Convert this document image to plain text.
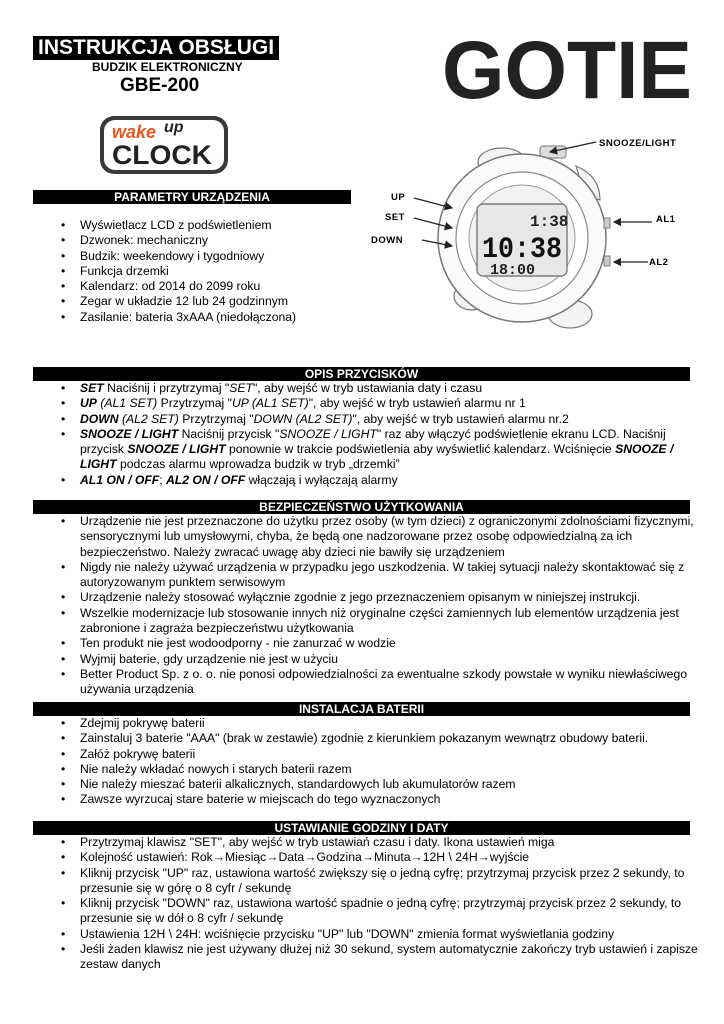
INSTRUKCJA OBSŁUGI
BUDZIK ELEKTRONICZNY
GBE-200	GOTIE
wake up
CLOCK
1:38
10:38
18:00
SNOOZE/LIGHT
UP
SET
DOWN
AL1
AL2
PARAMETRY URZĄDZENIA
• Wyświetlacz LCD z podświetleniem
• Dzwonek: mechaniczny
• Budzik: weekendowy i tygodniowy
• Funkcja drzemki
• Kalendarz: od 2014 do 2099 roku
• Zegar w układzie 12 lub 24 godzinnym
• Zasilanie: bateria 3xAAA (niedołączona)
OPIS PRZYCISKÓW
• SET Naciśnij i przytrzymaj "SET", aby wejść w tryb ustawiania daty i czasu
• UP (AL1 SET) Przytrzymaj "UP (AL1 SET)", aby wejść w tryb ustawień alarmu nr 1
• DOWN (AL2 SET) Przytrzymaj "DOWN (AL2 SET)", aby wejść w tryb ustawień alarmu nr.2
• SNOOZE / LIGHT Naciśnij przycisk "SNOOZE / LIGHT" raz aby włączyć podświetlenie ekranu LCD. Naciśnij przycisk SNOOZE / LIGHT ponownie w trakcie podświetlenia aby wyświetlić kalendarz. Wciśnięcie SNOOZE / LIGHT podczas alarmu wprowadza budzik w tryb „drzemki”
• AL1 ON / OFF; AL2 ON / OFF włączają i wyłączają alarmy
BEZPIECZEŃSTWO UŻYTKOWANIA
• Urządzenie nie jest przeznaczone do użytku przez osoby (w tym dzieci) z ograniczonymi zdolnościami fizycznymi, sensorycznymi lub umysłowymi, chyba, że będą one nadzorowane przez osobę odpowiedzialną za ich bezpieczeństwo. Należy zwracać uwagę aby dzieci nie bawiły się urządzeniem
• Nigdy nie należy używać urządzenia w przypadku jego uszkodzenia. W takiej sytuacji należy skontaktować się z autoryzowanym punktem serwisowym
• Urządzenie należy stosować wyłącznie zgodnie z jego przeznaczeniem opisanym w niniejszej instrukcji.
• Wszelkie modernizacje lub stosowanie innych niż oryginalne części zamiennych lub elementów urządzenia jest zabronione i zagraża bezpieczeństwu użytkowania
• Ten produkt nie jest wodoodporny - nie zanurzać w wodzie
• Wyjmij baterie, gdy urządzenie nie jest w użyciu
• Better Product Sp. z o. o. nie ponosi odpowiedzialności za ewentualne szkody powstałe w wyniku niewłaściwego używania urządzenia
INSTALACJA BATERII
• Zdejmij pokrywę baterii
• Zainstaluj 3 baterie "AAA" (brak w zestawie) zgodnie z kierunkiem pokazanym wewnątrz obudowy baterii.
• Załóż pokrywę baterii
• Nie należy wkładać nowych i starych baterii razem
• Nie należy mieszać baterii alkalicznych, standardowych lub akumulatorów razem
• Zawsze wyrzucaj stare baterie w miejscach do tego wyznaczonych
USTAWIANIE GODZINY I DATY
• Przytrzymaj klawisz "SET", aby wejść w tryb ustawiań czasu i daty. Ikona ustawień miga
• Kolejność ustawień: Rok→Miesiąc→Data→Godzina→Minuta→12H \ 24H→wyjście
• Kliknij przycisk "UP" raz, ustawiona wartość zwiększy się o jedną cyfrę; przytrzymaj przycisk przez 2 sekundy, to przesunie się w górę o 8 cyfr / sekundę
• Kliknij przycisk "DOWN" raz, ustawiona wartość spadnie o jedną cyfrę; przytrzymaj przycisk przez 2 sekundy, to przesunie się w dół o 8 cyfr / sekundę
• Ustawienia 12H \ 24H: wciśnięcie przycisku "UP" lub "DOWN" zmienia format wyświetlania godziny
• Jeśli żaden klawisz nie jest używany dłużej niż 30 sekund, system automatycznie zakończy tryb ustawień i zapisze zestaw danych
